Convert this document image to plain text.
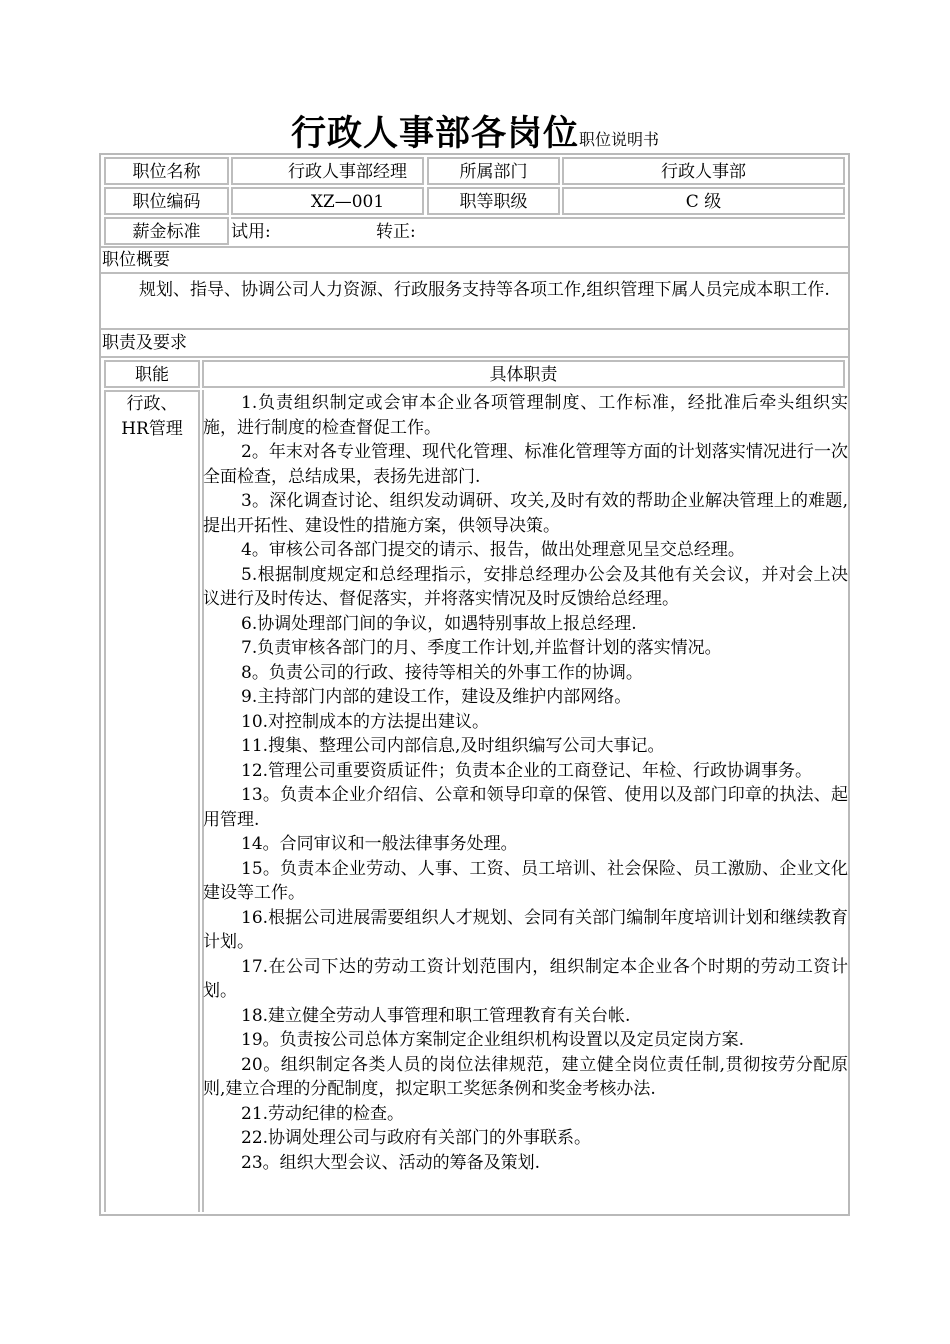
行政人事部各岗位职位说明书
职位名称	行政人事部经理	所属部门	行政人事部
职位编码	XZ—001	职等职级	C 级
薪金标准	试用:	转正:
职位概要
规划、指导、协调公司人力资源、行政服务支持等各项工作,组织管理下属人员完成本职工作.
职责及要求
职能	具体职责
行政、HR管理

1.负责组织制定或会审本企业各项管理制度、工作标准，经批准后牵头组织实施，进行制度的检查督促工作。

2。年末对各专业管理、现代化管理、标准化管理等方面的计划落实情况进行一次全面检查，总结成果，表扬先进部门.

3。深化调查讨论、组织发动调研、攻关,及时有效的帮助企业解决管理上的难题,提出开拓性、建设性的措施方案，供领导决策。

4。审核公司各部门提交的请示、报告，做出处理意见呈交总经理。

5.根据制度规定和总经理指示，安排总经理办公会及其他有关会议，并对会上决议进行及时传达、督促落实，并将落实情况及时反馈给总经理。

6.协调处理部门间的争议，如遇特别事故上报总经理.

7.负责审核各部门的月、季度工作计划,并监督计划的落实情况。

8。负责公司的行政、接待等相关的外事工作的协调。

9.主持部门内部的建设工作，建设及维护内部网络。

10.对控制成本的方法提出建议。

11.搜集、整理公司内部信息,及时组织编写公司大事记。

12.管理公司重要资质证件；负责本企业的工商登记、年检、行政协调事务。

13。负责本企业介绍信、公章和领导印章的保管、使用以及部门印章的执法、起用管理.

14。合同审议和一般法律事务处理。

15。负责本企业劳动、人事、工资、员工培训、社会保险、员工激励、企业文化建设等工作。

16.根据公司进展需要组织人才规划、会同有关部门编制年度培训计划和继续教育计划。

17.在公司下达的劳动工资计划范围内，组织制定本企业各个时期的劳动工资计划。

18.建立健全劳动人事管理和职工管理教育有关台帐.

19。负责按公司总体方案制定企业组织机构设置以及定员定岗方案.

20。组织制定各类人员的岗位法律规范，建立健全岗位责任制,贯彻按劳分配原则,建立合理的分配制度，拟定职工奖惩条例和奖金考核办法.

21.劳动纪律的检查。

22.协调处理公司与政府有关部门的外事联系。

23。组织大型会议、活动的筹备及策划.
